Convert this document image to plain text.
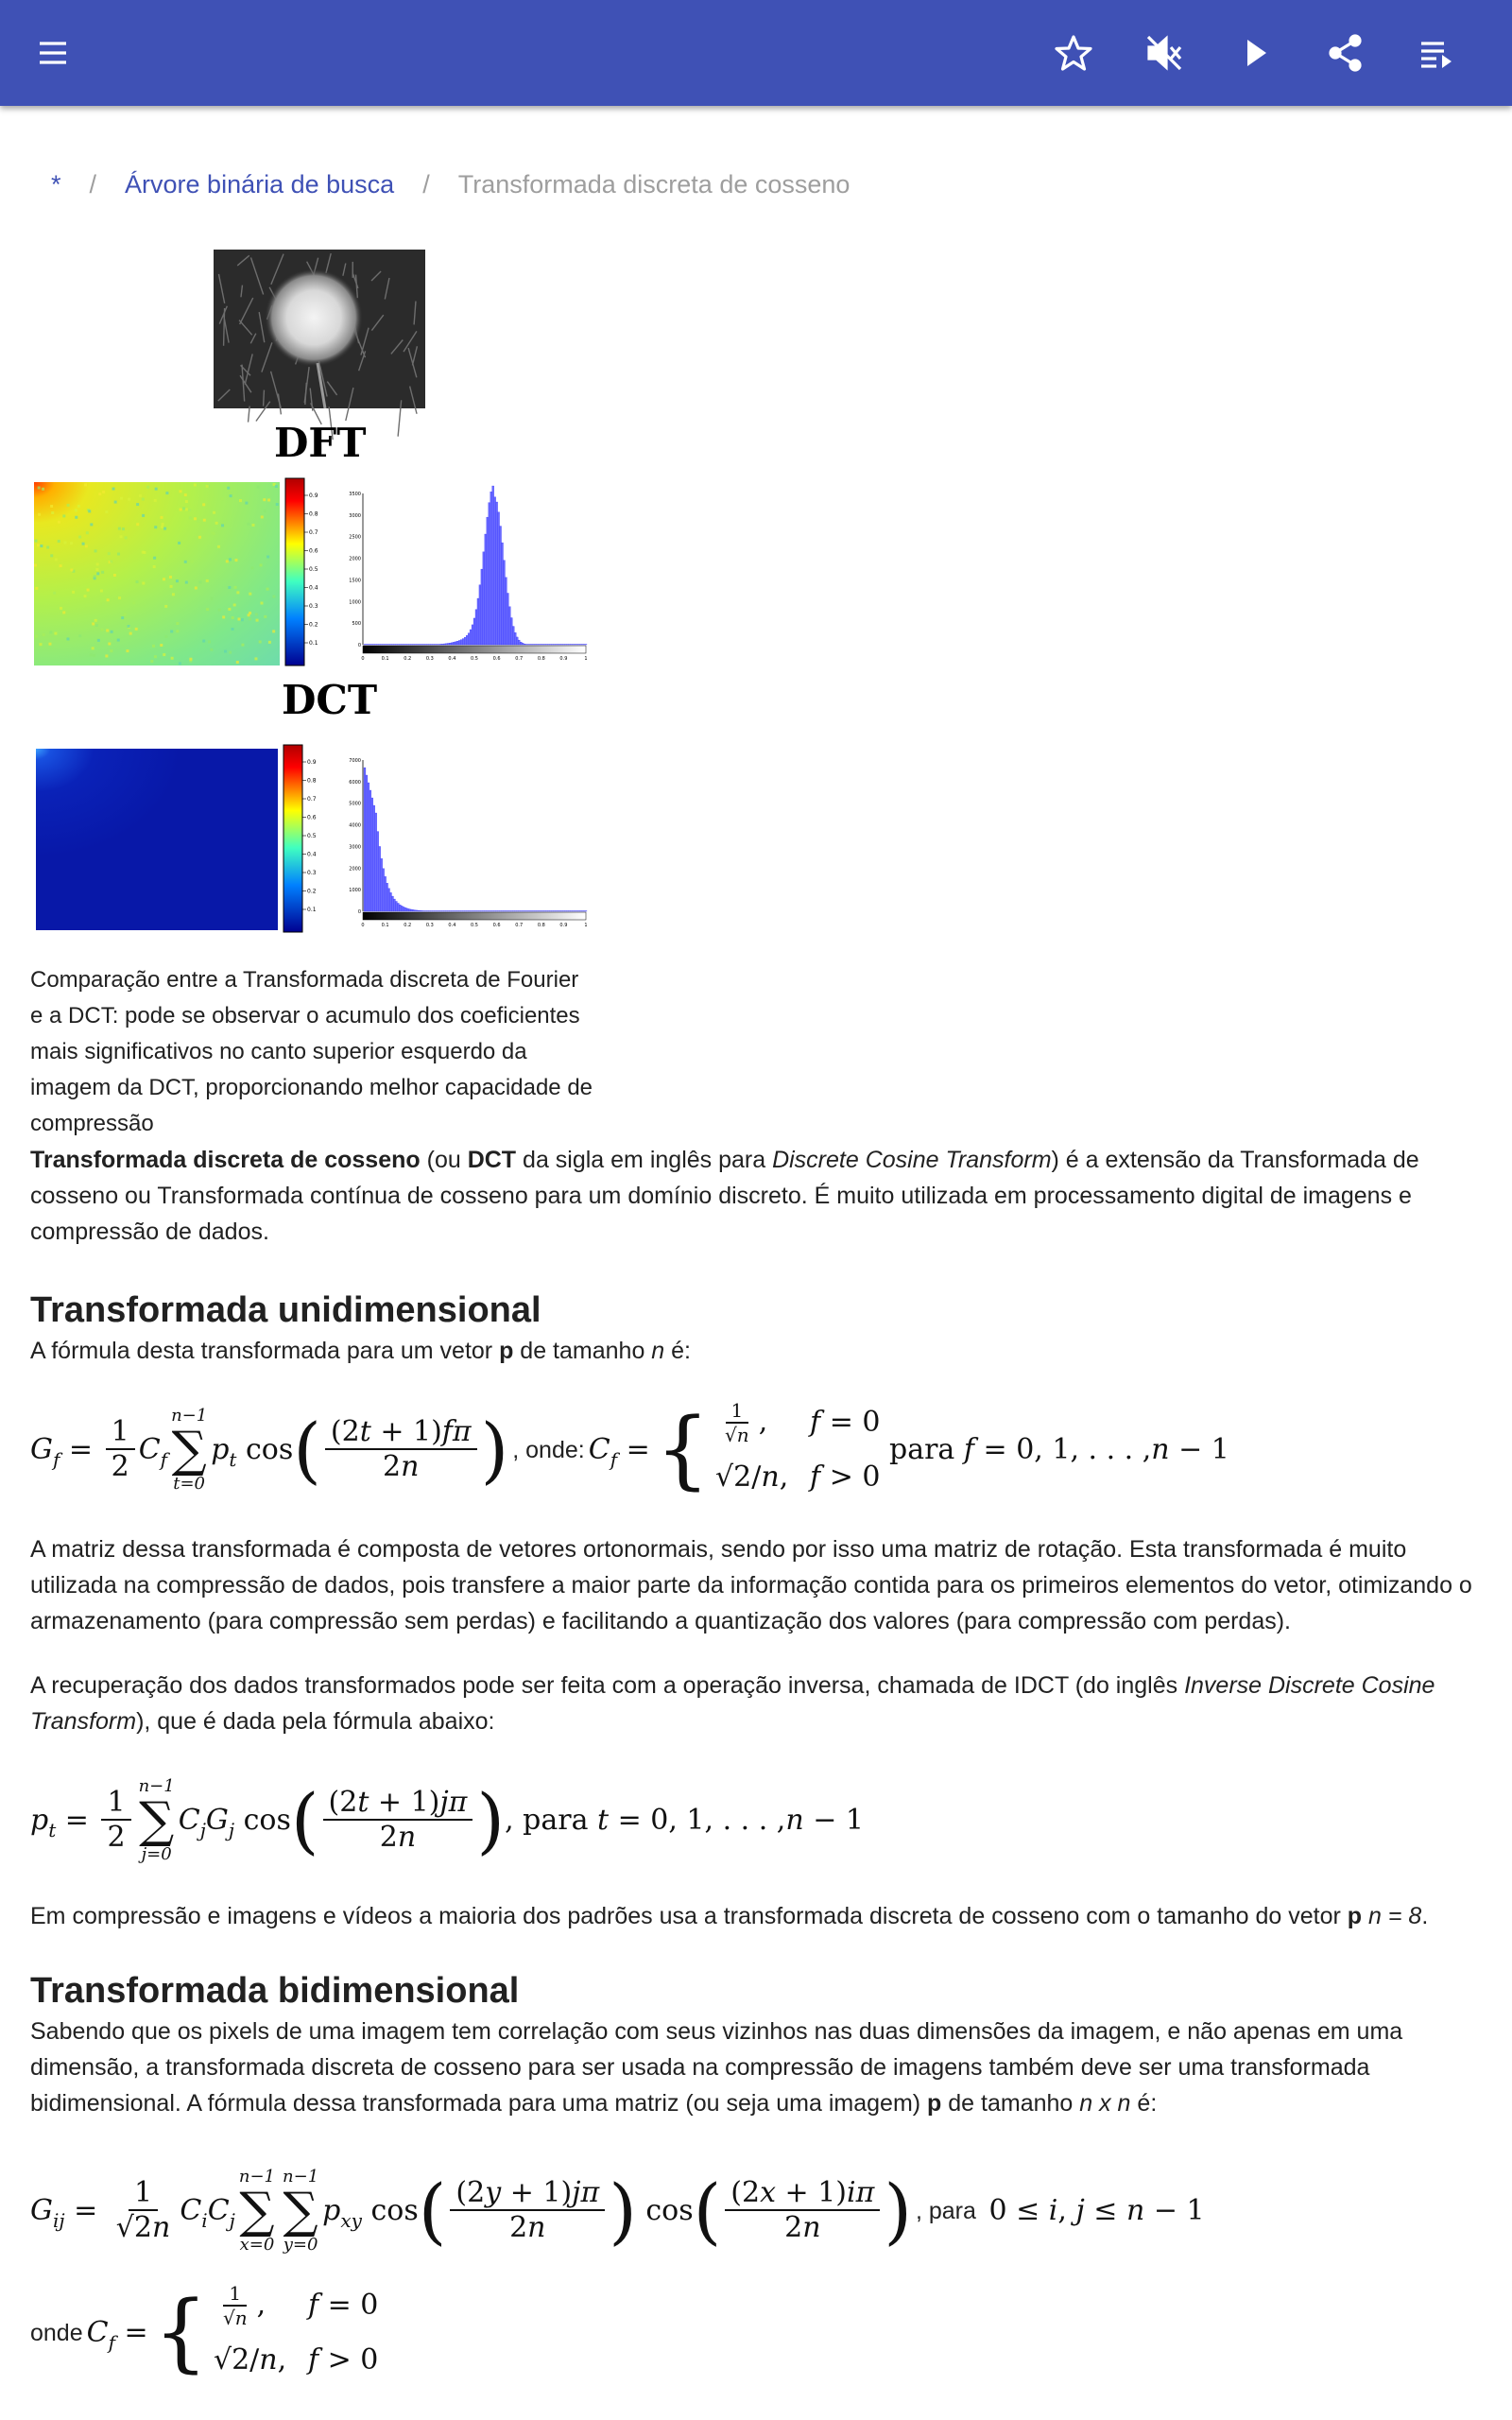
* / Árvore binária de busca / Transformada discreta de cosseno
DFT
0.9
0.8
0.7
0.6
0.5
0.4
0.3
0.2
0.1
3500
3000
2500
2000
1500
1000
500
0
0	0.1	0.2	0.3	0.4	0.5	0.6	0.7	0.8	0.9	1
DCT
0.9
0.8
0.7
0.6
0.5
0.4
0.3
0.2
0.1
7000
6000
5000
4000
3000
2000
1000
0
0	0.1	0.2	0.3	0.4	0.5	0.6	0.7	0.8	0.9	1
Comparação entre a Transformada discreta de Fourier e a DCT: pode se observar o acumulo dos coeficientes mais significativos no canto superior esquerdo da imagem da DCT, proporcionando melhor capacidade de compressão

Transformada discreta de cosseno (ou DCT da sigla em inglês para Discrete Cosine Transform) é a extensão da Transformada de cosseno ou Transformada contínua de cosseno para um domínio discreto. É muito utilizada em processamento digital de imagens e compressão de dados.

Transformada unidimensional

A fórmula desta transformada para um vetor p de tamanho n é:

G $f = \frac{1}{2}$ C f
n−1
∑
t=0
p t cos ( $\frac{(2t + 1)f\pi}{2n}$ ) , onde: C f = { $\frac{1}{√n}$ ,	f = 0
√2/n, f > 0

para
f = 0, 1, . . . , n − 1

A matriz dessa transformada é composta de vetores ortonormais, sendo por isso uma matriz de rotação. Esta transformada é muito utilizada na compressão de dados, pois transfere a maior parte da informação contida para os primeiros elementos do vetor, otimizando o armazenamento (para compressão sem perdas) e facilitando a quantização dos valores (para compressão com perdas).

A recuperação dos dados transformados pode ser feita com a operação inversa, chamada de IDCT (do inglês Inverse Discrete Cosine Transform), que é dada pela fórmula abaixo:

p $t = \frac{1}{2}$
n−1
∑
j=0
C j G j cos ( $\frac{(2t + 1)j\pi}{2n}$ ) , para
t = 0, 1, . . . , n − 1

Em compressão e imagens e vídeos a maioria dos padrões usa a transformada discreta de cosseno com o tamanho do vetor p n = 8.

Transformada bidimensional

Sabendo que os pixels de uma imagem tem correlação com seus vizinhos nas duas dimensões da imagem, e não apenas em uma dimensão, a transformada discreta de cosseno para ser usada na compressão de imagens também deve ser uma transformada bidimensional. A fórmula dessa transformada para uma matriz (ou seja uma imagem) p de tamanho n x n é:

G ij = $\frac{1}{√2n}$ C i C j
n−1
∑
x=0
n−1
∑
y=0
p xy cos ( $\frac{(2y + 1)j\pi}{2n}$ ) cos ( $\frac{(2x + 1)i\pi}{2n}$ ) , para 0 ≤ i , j ≤ n − 1
onde C f = { $\frac{1}{√n}$ ,	f = 0
√2/n, f > 0
